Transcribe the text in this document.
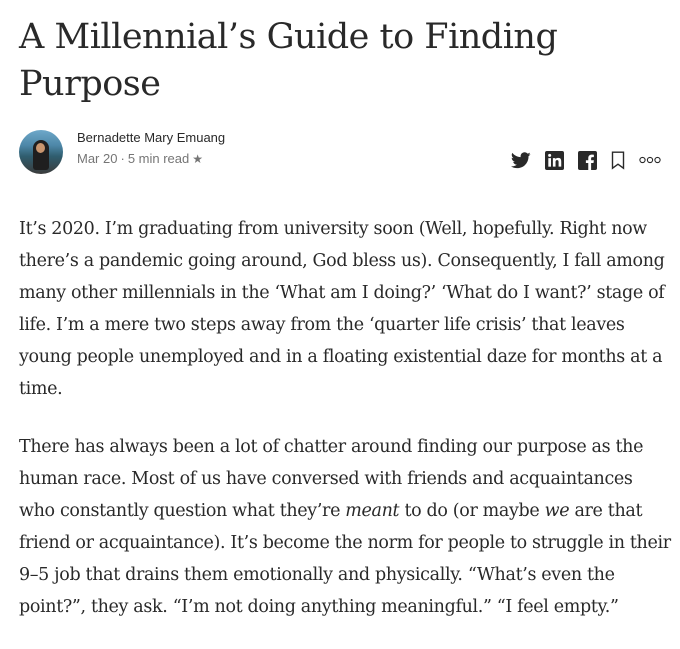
A Millennial’s Guide to Finding Purpose
Bernadette Mary Emuang
Mar 20 · 5 min read ★

It’s 2020. I’m graduating from university soon (Well, hopefully. Right now there’s a pandemic going around, God bless us). Consequently, I fall among many other millennials in the ‘What am I doing?’ ‘What do I want?’ stage of life. I’m a mere two steps away from the ‘quarter life crisis’ that leaves young people unemployed and in a floating existential daze for months at a time.

There has always been a lot of chatter around finding our purpose as the human race. Most of us have conversed with friends and acquaintances who constantly question what they’re meant to do (or maybe we are that friend or acquaintance). It’s become the norm for people to struggle in their 9–5 job that drains them emotionally and physically. “What’s even the point?”, they ask. “I’m not doing anything meaningful.” “I feel empty.”
